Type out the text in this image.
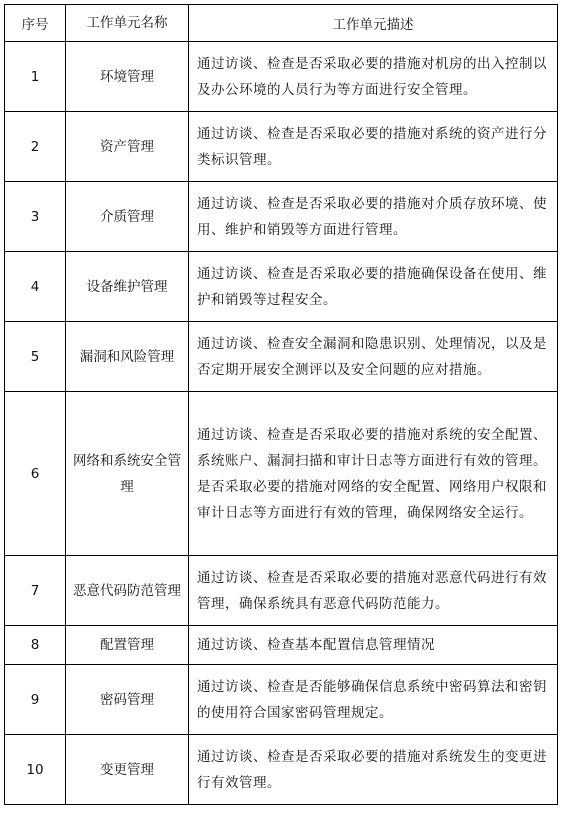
序号	工作单元名称	工作单元描述
1	环境管理	通过访谈、检查是否采取必要的措施对机房的出入控制以及办公环境的人员行为等方面进行安全管理。
2	资产管理	通过访谈、检查是否采取必要的措施对系统的资产进行分类标识管理。
3	介质管理	通过访谈、检查是否采取必要的措施对介质存放环境、使用、维护和销毁等方面进行管理。
4	设备维护管理	通过访谈、检查是否采取必要的措施确保设备在使用、维护和销毁等过程安全。
5	漏洞和风险管理	通过访谈、检查安全漏洞和隐患识别、处理情况，以及是否定期开展安全测评以及安全问题的应对措施。
6	网络和系统安全管理	通过访谈、检查是否采取必要的措施对系统的安全配置、系统账户、漏洞扫描和审计日志等方面进行有效的管理。是否采取必要的措施对网络的安全配置、网络用户权限和审计日志等方面进行有效的管理，确保网络安全运行。
7	恶意代码防范管理	通过访谈、检查是否采取必要的措施对恶意代码进行有效管理，确保系统具有恶意代码防范能力。
8	配置管理	通过访谈、检查基本配置信息管理情况
9	密码管理	通过访谈、检查是否能够确保信息系统中密码算法和密钥的使用符合国家密码管理规定。
10	变更管理	通过访谈、检查是否采取必要的措施对系统发生的变更进行有效管理。
